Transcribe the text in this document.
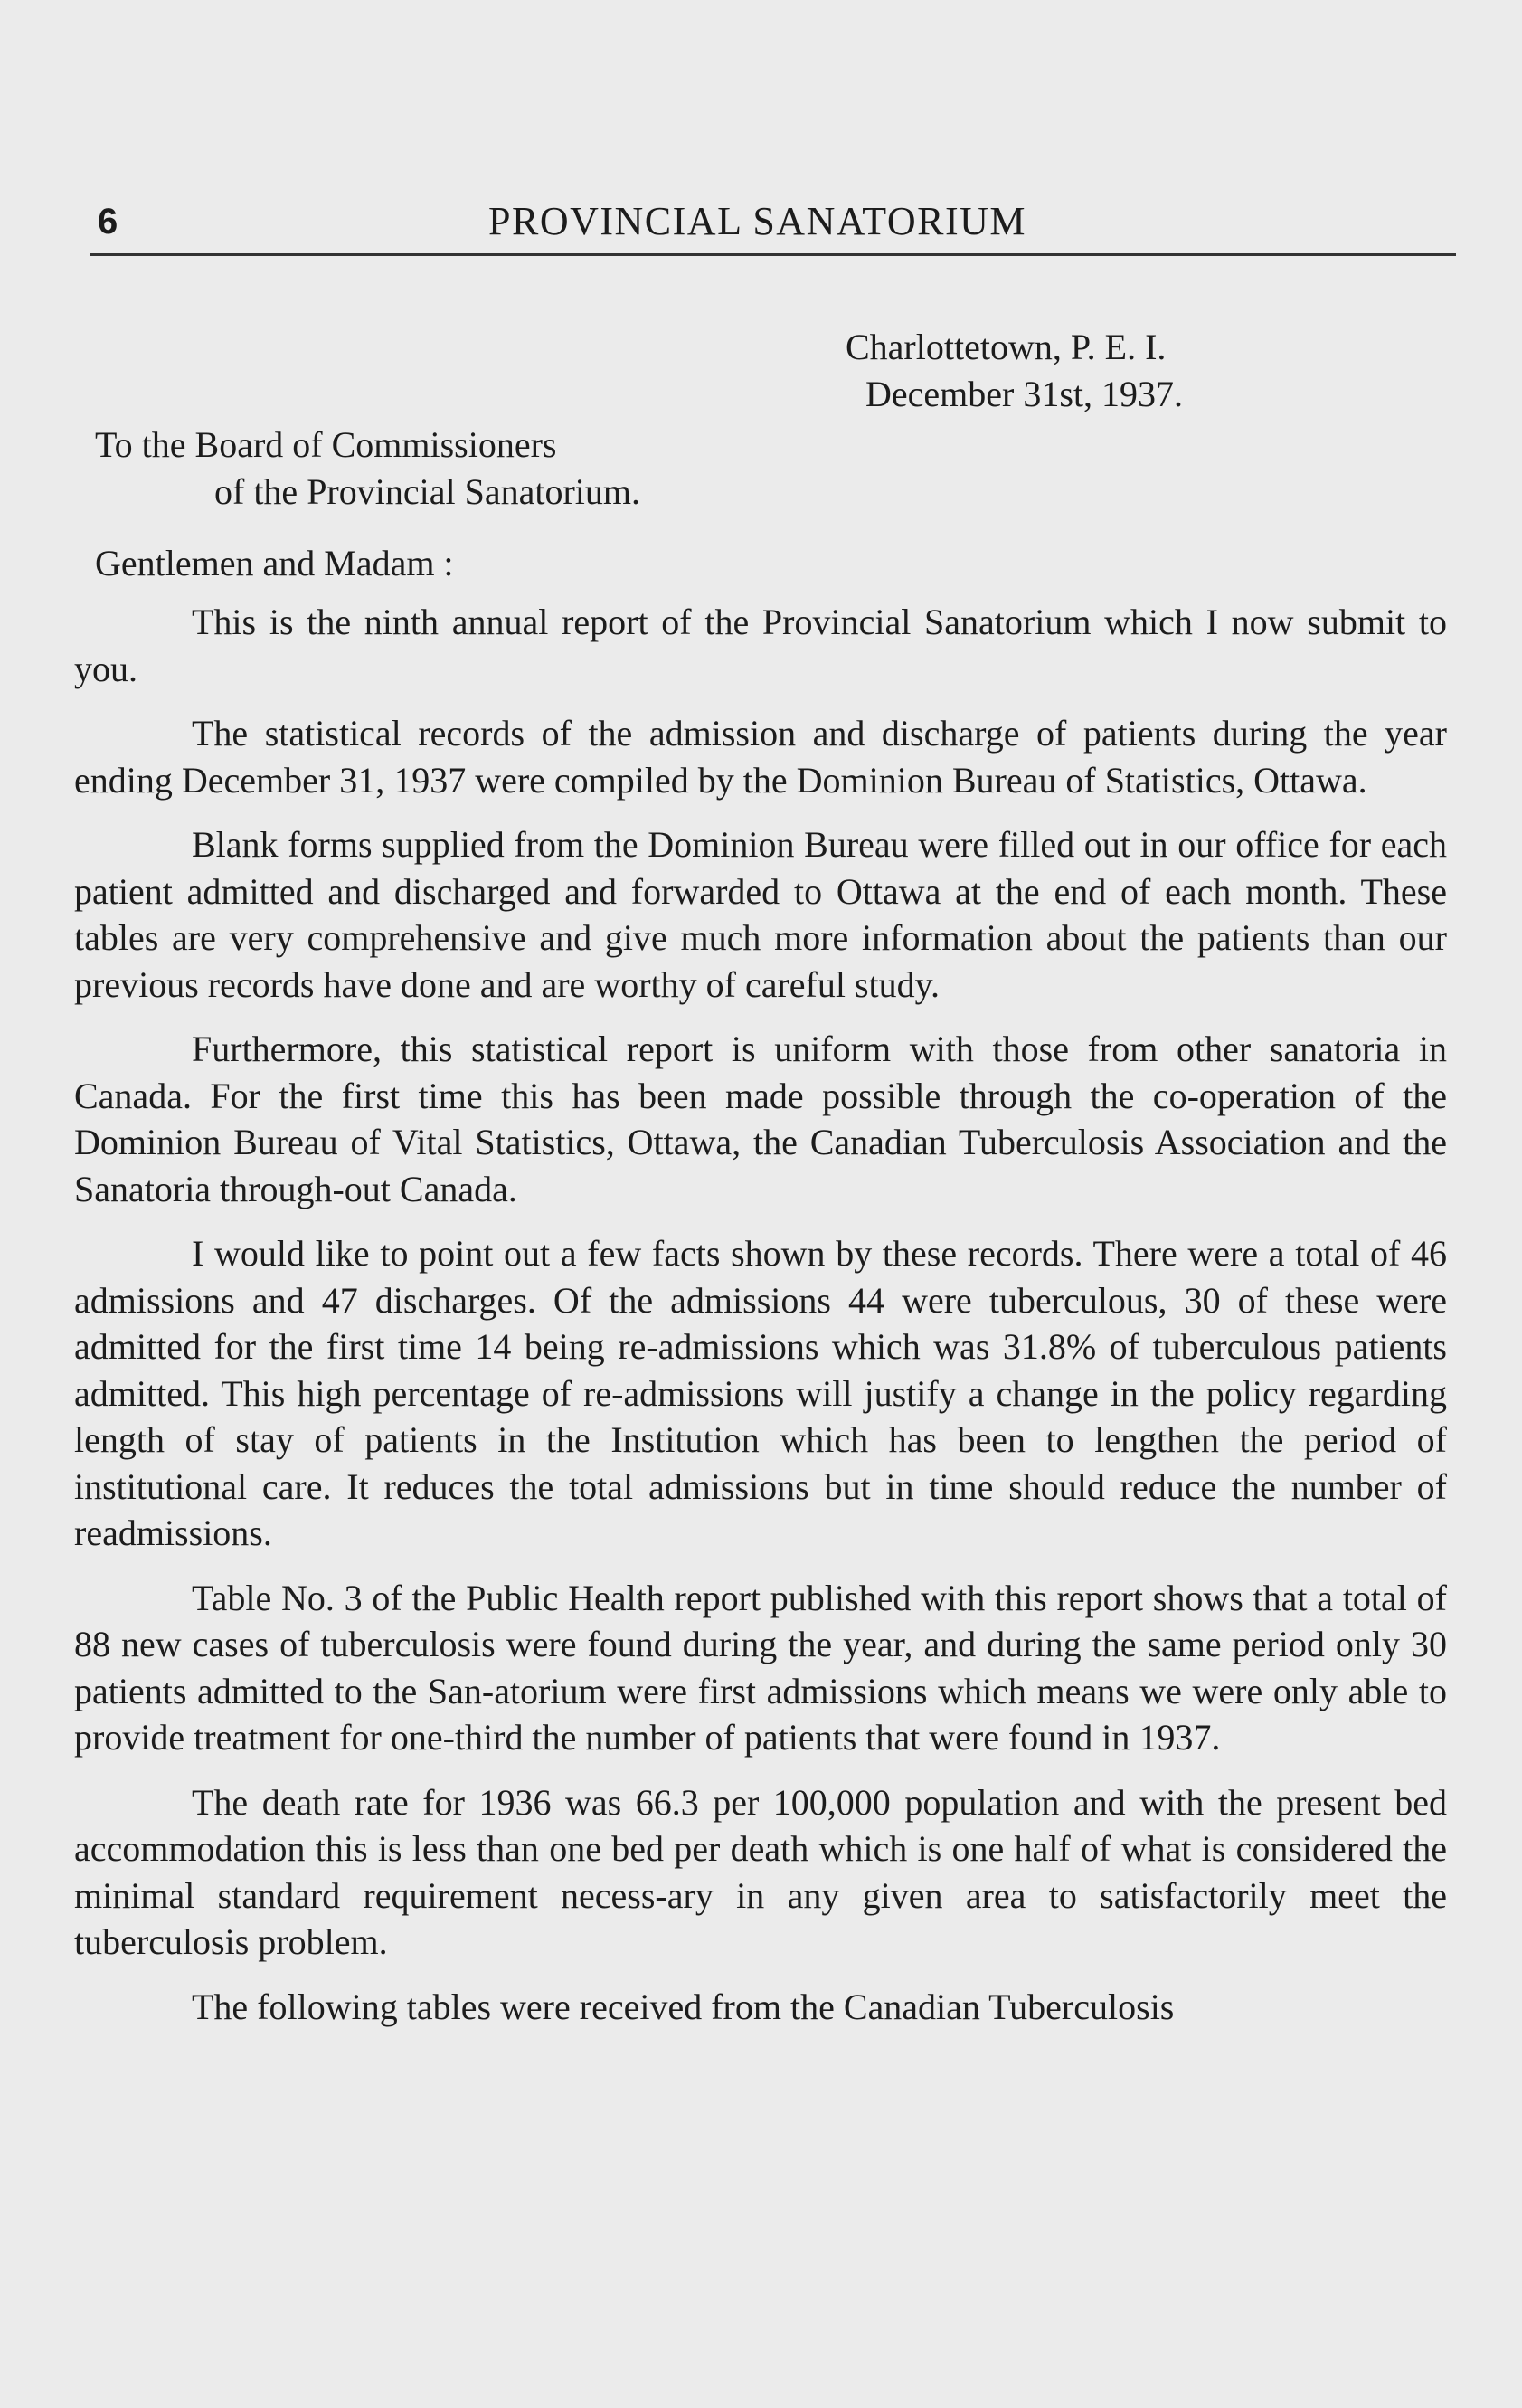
6	PROVINCIAL SANATORIUM
Charlottetown, P. E. I.
December 31st, 1937.
To the Board of Commissioners
of the Provincial Sanatorium.
Gentlemen and Madam :

This is the ninth annual report of the Provincial Sanatorium which I now submit to you.

The statistical records of the admission and discharge of patients during the year ending December 31, 1937 were compiled by the Dominion Bureau of Statistics, Ottawa.

Blank forms supplied from the Dominion Bureau were filled out in our office for each patient admitted and discharged and forwarded to Ottawa at the end of each month. These tables are very comprehensive and give much more information about the patients than our previous records have done and are worthy of careful study.

Furthermore, this statistical report is uniform with those from other sanatoria in Canada. For the first time this has been made possible through the co-operation of the Dominion Bureau of Vital Statistics, Ottawa, the Canadian Tuberculosis Association and the Sanatoria through-out Canada.

I would like to point out a few facts shown by these records. There were a total of 46 admissions and 47 discharges. Of the admissions 44 were tuberculous, 30 of these were admitted for the first time 14 being re-admissions which was 31.8% of tuberculous patients admitted. This high percentage of re-admissions will justify a change in the policy regarding length of stay of patients in the Institution which has been to lengthen the period of institutional care. It reduces the total admissions but in time should reduce the number of readmissions.

Table No. 3 of the Public Health report published with this report shows that a total of 88 new cases of tuberculosis were found during the year, and during the same period only 30 patients admitted to the San-atorium were first admissions which means we were only able to provide treatment for one-third the number of patients that were found in 1937.

The death rate for 1936 was 66.3 per 100,000 population and with the present bed accommodation this is less than one bed per death which is one half of what is considered the minimal standard requirement necess-ary in any given area to satisfactorily meet the tuberculosis problem.

The following tables were received from the Canadian Tuberculosis
